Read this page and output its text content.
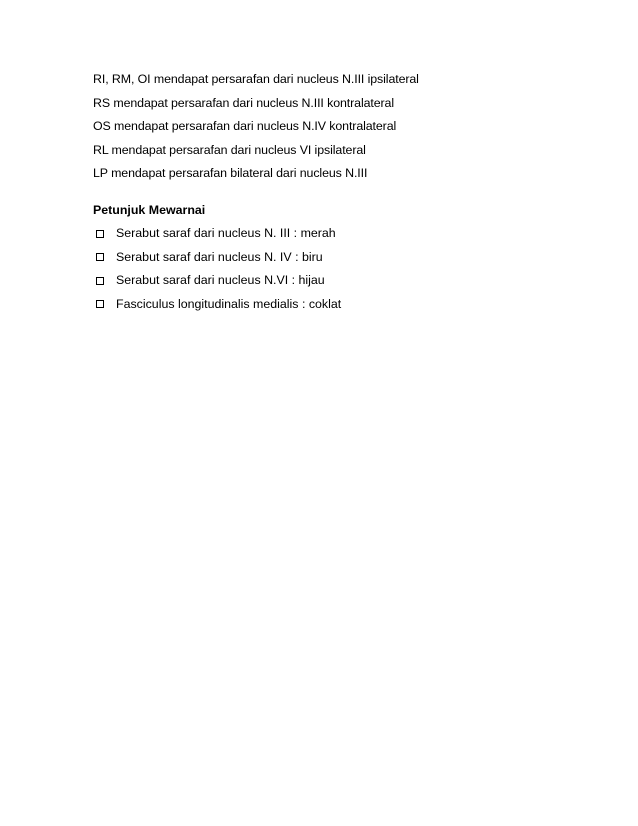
RI, RM, OI mendapat persarafan dari nucleus N.III ipsilateral
RS mendapat persarafan dari nucleus N.III kontralateral
OS mendapat persarafan dari nucleus N.IV kontralateral
RL mendapat persarafan dari nucleus VI ipsilateral
LP mendapat persarafan bilateral dari nucleus N.III
Petunjuk Mewarnai
Serabut saraf dari nucleus N. III : merah
Serabut saraf dari nucleus N. IV : biru
Serabut saraf dari nucleus N.VI : hijau
Fasciculus longitudinalis medialis : coklat
